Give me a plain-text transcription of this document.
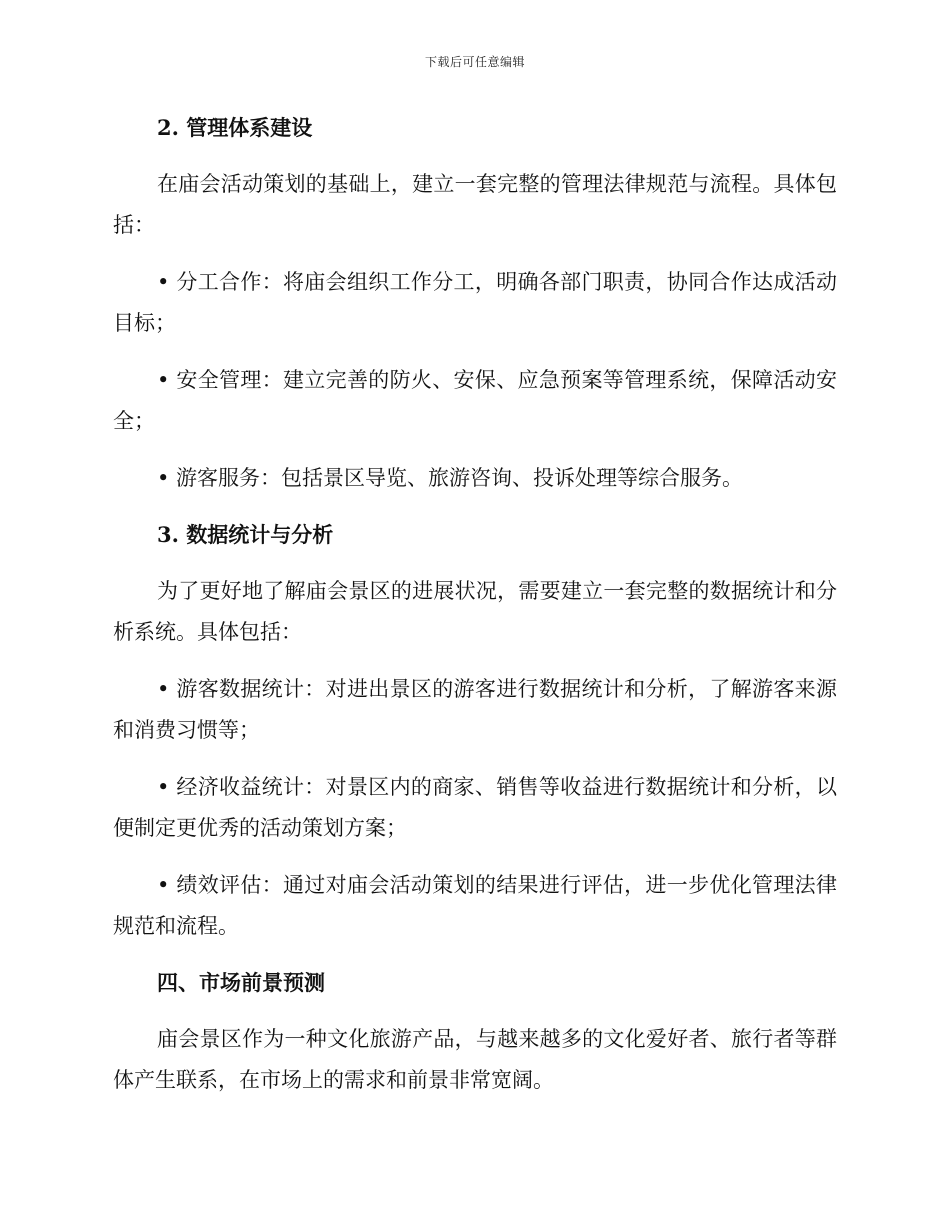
下载后可任意编辑
2. 管理体系建设

在庙会活动策划的基础上，建立一套完整的管理法律规范与流程。具体包括：

• 分工合作：将庙会组织工作分工，明确各部门职责，协同合作达成活动目标；

• 安全管理：建立完善的防火、安保、应急预案等管理系统，保障活动安全；

• 游客服务：包括景区导览、旅游咨询、投诉处理等综合服务。

3. 数据统计与分析

为了更好地了解庙会景区的进展状况，需要建立一套完整的数据统计和分析系统。具体包括：

• 游客数据统计：对进出景区的游客进行数据统计和分析，了解游客来源和消费习惯等；

• 经济收益统计：对景区内的商家、销售等收益进行数据统计和分析，以便制定更优秀的活动策划方案；

• 绩效评估：通过对庙会活动策划的结果进行评估，进一步优化管理法律规范和流程。

四、市场前景预测

庙会景区作为一种文化旅游产品，与越来越多的文化爱好者、旅行者等群体产生联系，在市场上的需求和前景非常宽阔。
